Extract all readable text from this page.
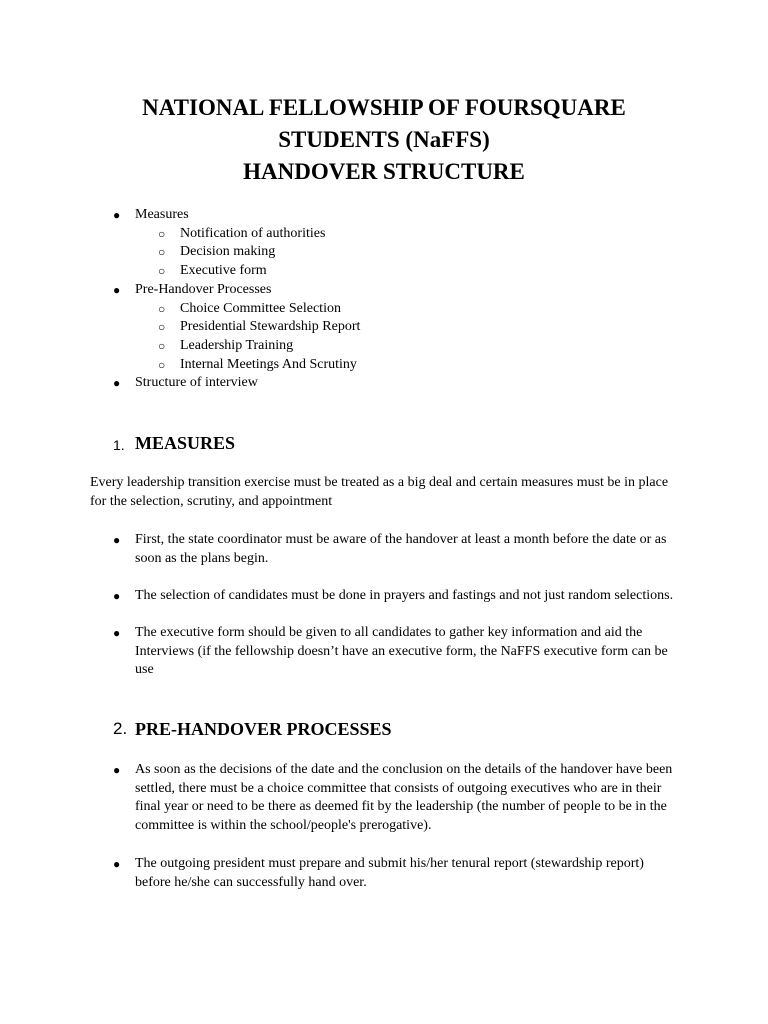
NATIONAL FELLOWSHIP OF FOURSQUARE
STUDENTS (NaFFS)
HANDOVER STRUCTURE
● Measures
○ Notification of authorities
○ Decision making
○ Executive form
● Pre-Handover Processes
○ Choice Committee Selection
○ Presidential Stewardship Report
○ Leadership Training
○ Internal Meetings And Scrutiny
● Structure of interview
1. MEASURES

Every leadership transition exercise must be treated as a big deal and certain measures must be in place for the selection, scrutiny, and appointment

● First, the state coordinator must be aware of the handover at least a month before the date or as soon as the plans begin.
● The selection of candidates must be done in prayers and fastings and not just random selections.
● The executive form should be given to all candidates to gather key information and aid the Interviews (if the fellowship doesn’t have an executive form, the NaFFS executive form can be use
2. PRE-HANDOVER PROCESSES
● As soon as the decisions of the date and the conclusion on the details of the handover have been settled, there must be a choice committee that consists of outgoing executives who are in their final year or need to be there as deemed fit by the leadership (the number of people to be in the committee is within the school/people's prerogative).
● The outgoing president must prepare and submit his/her tenural report (stewardship report) before he/she can successfully hand over.
